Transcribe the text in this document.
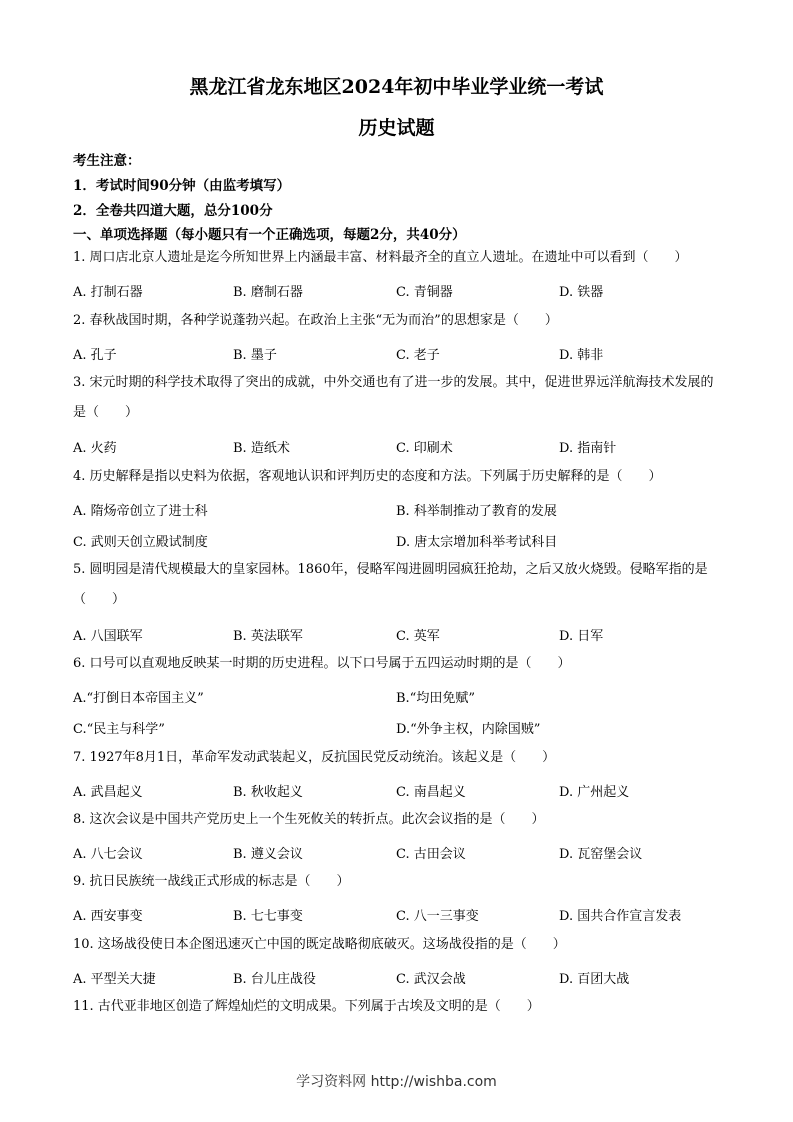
黑龙江省龙东地区2024年初中毕业学业统一考试
历史试题
考生注意：
1．考试时间90分钟（由监考填写）
2．全卷共四道大题，总分100分
一、单项选择题（每小题只有一个正确选项，每题2分，共40分）
1. 周口店北京人遗址是迄今所知世界上内涵最丰富、材料最齐全的直立人遗址。在遗址中可以看到（　　）
A. 打制石器	B. 磨制石器	C. 青铜器	D. 铁器
2. 春秋战国时期，各种学说蓬勃兴起。在政治上主张“无为而治”的思想家是（　　）
A. 孔子	B. 墨子	C. 老子	D. 韩非
3. 宋元时期的科学技术取得了突出的成就，中外交通也有了进一步的发展。其中，促进世界远洋航海技术发展的是（　　）
A. 火药	B. 造纸术	C. 印刷术	D. 指南针
4. 历史解释是指以史料为依据，客观地认识和评判历史的态度和方法。下列属于历史解释的是（　　）
A. 隋炀帝创立了进士科	B. 科举制推动了教育的发展
C. 武则天创立殿试制度	D. 唐太宗增加科举考试科目
5. 圆明园是清代规模最大的皇家园林。1860年，侵略军闯进圆明园疯狂抢劫，之后又放火烧毁。侵略军指的是（　　）
A. 八国联军	B. 英法联军	C. 英军	D. 日军
6. 口号可以直观地反映某一时期的历史进程。以下口号属于五四运动时期的是（　　）
A.“打倒日本帝国主义”	B.“均田免赋”
C.“民主与科学”	D.“外争主权，内除国贼”
7. 1927年8月1日，革命军发动武装起义，反抗国民党反动统治。该起义是（　　）
A. 武昌起义	B. 秋收起义	C. 南昌起义	D. 广州起义
8. 这次会议是中国共产党历史上一个生死攸关的转折点。此次会议指的是（　　）
A. 八七会议	B. 遵义会议	C. 古田会议	D. 瓦窑堡会议
9. 抗日民族统一战线正式形成的标志是（　　）
A. 西安事变	B. 七七事变	C. 八一三事变	D. 国共合作宣言发表
10. 这场战役使日本企图迅速灭亡中国的既定战略彻底破灭。这场战役指的是（　　）
A. 平型关大捷	B. 台儿庄战役	C. 武汉会战	D. 百团大战
11. 古代亚非地区创造了辉煌灿烂的文明成果。下列属于古埃及文明的是（　　）
学习资料网 http://wishba.com
